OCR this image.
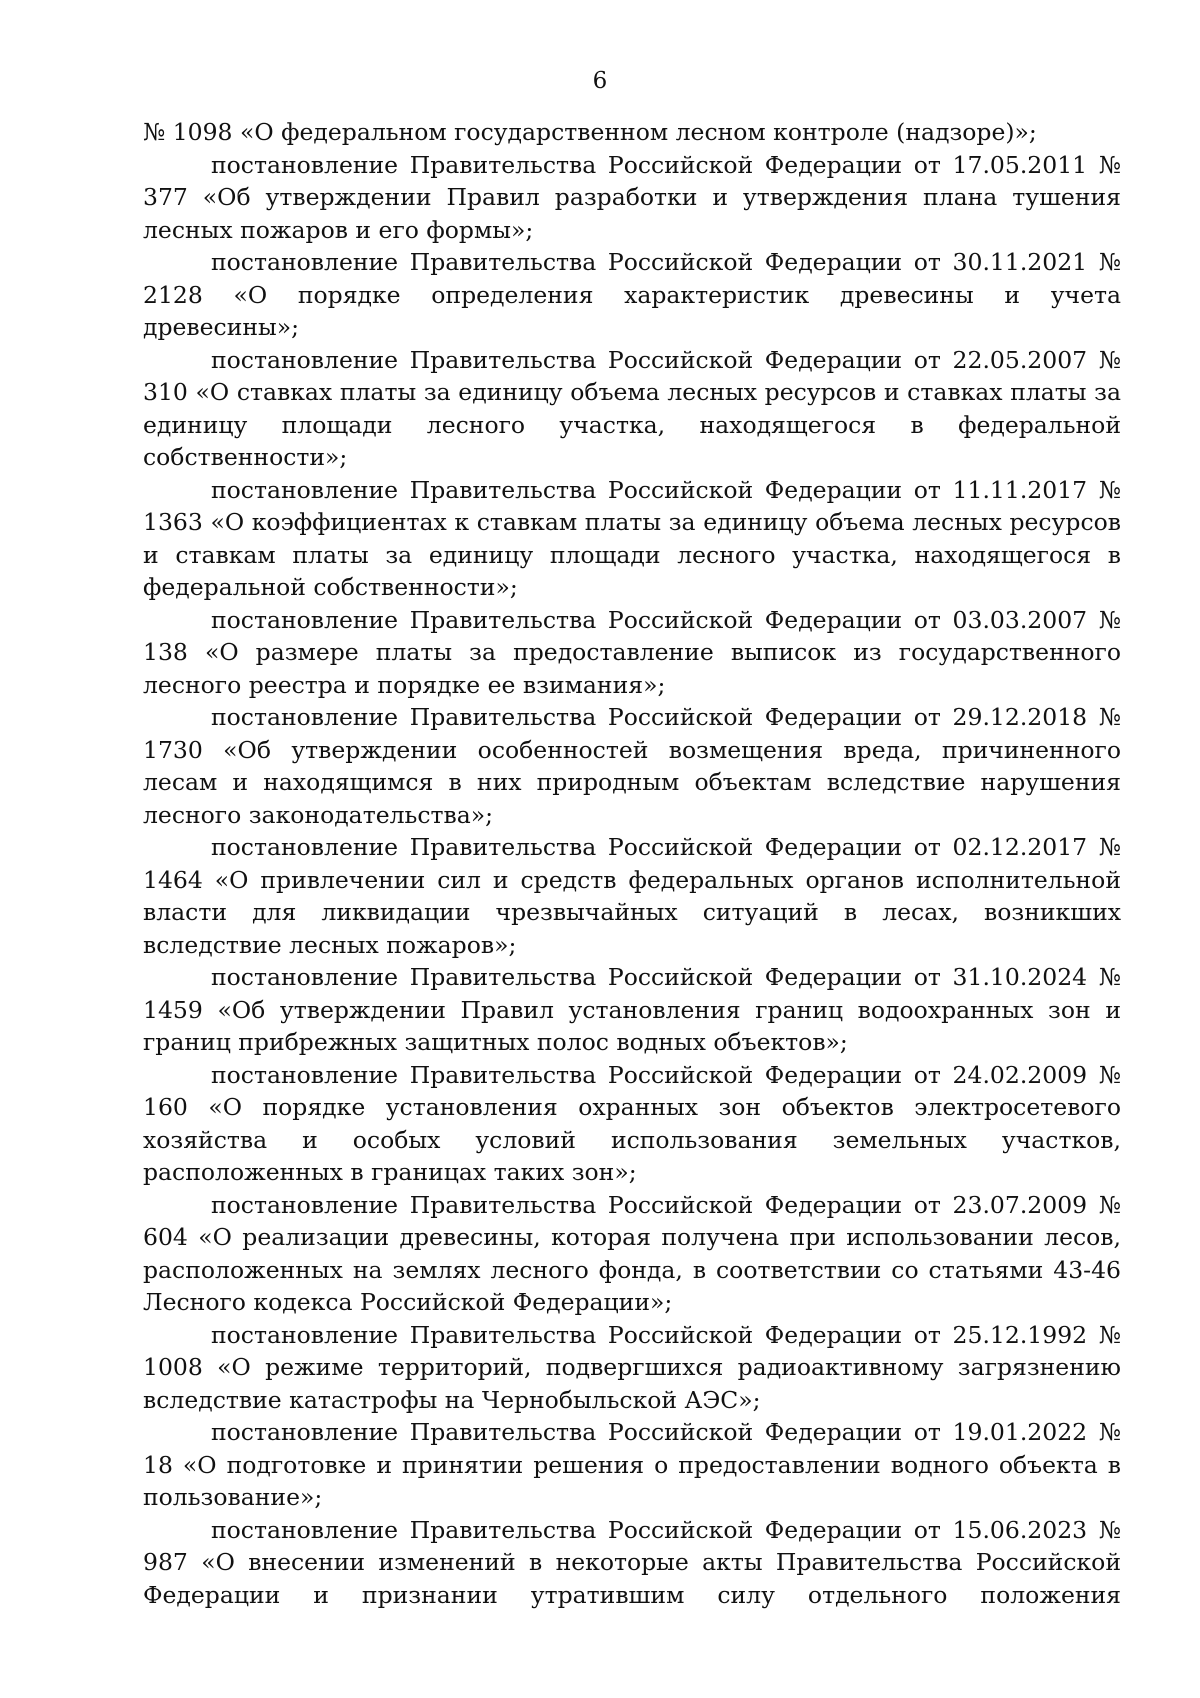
6

№ 1098 «О федеральном государственном лесном контроле (надзоре)»;

постановление Правительства Российской Федерации от 17.05.2011 № 377 «Об утверждении Правил разработки и утверждения плана тушения лесных пожаров и его формы»;

постановление Правительства Российской Федерации от 30.11.2021 № 2128 «О порядке определения характеристик древесины и учета древесины»;

постановление Правительства Российской Федерации от 22.05.2007 № 310 «О ставках платы за единицу объема лесных ресурсов и ставках платы за единицу площади лесного участка, находящегося в федеральной собственности»;

постановление Правительства Российской Федерации от 11.11.2017 № 1363 «О коэффициентах к ставкам платы за единицу объема лесных ресурсов и ставкам платы за единицу площади лесного участка, находящегося в федеральной собственности»;

постановление Правительства Российской Федерации от 03.03.2007 № 138 «О размере платы за предоставление выписок из государственного лесного реестра и порядке ее взимания»;

постановление Правительства Российской Федерации от 29.12.2018 № 1730 «Об утверждении особенностей возмещения вреда, причиненного лесам и находящимся в них природным объектам вследствие нарушения лесного законодательства»;

постановление Правительства Российской Федерации от 02.12.2017 № 1464 «О привлечении сил и средств федеральных органов исполнительной власти для ликвидации чрезвычайных ситуаций в лесах, возникших вследствие лесных пожаров»;

постановление Правительства Российской Федерации от 31.10.2024 № 1459 «Об утверждении Правил установления границ водоохранных зон и границ прибрежных защитных полос водных объектов»;

постановление Правительства Российской Федерации от 24.02.2009 № 160 «О порядке установления охранных зон объектов электросетевого хозяйства и особых условий использования земельных участков, расположенных в границах таких зон»;

постановление Правительства Российской Федерации от 23.07.2009 № 604 «О реализации древесины, которая получена при использовании лесов, расположенных на землях лесного фонда, в соответствии со статьями 43-46 Лесного кодекса Российской Федерации»;

постановление Правительства Российской Федерации от 25.12.1992 № 1008 «О режиме территорий, подвергшихся радиоактивному загрязнению вследствие катастрофы на Чернобыльской АЭС»;

постановление Правительства Российской Федерации от 19.01.2022 № 18 «О подготовке и принятии решения о предоставлении водного объекта в пользование»;

постановление Правительства Российской Федерации от 15.06.2023 № 987 «О внесении изменений в некоторые акты Правительства Российской Федерации и признании утратившим силу отдельного положения
